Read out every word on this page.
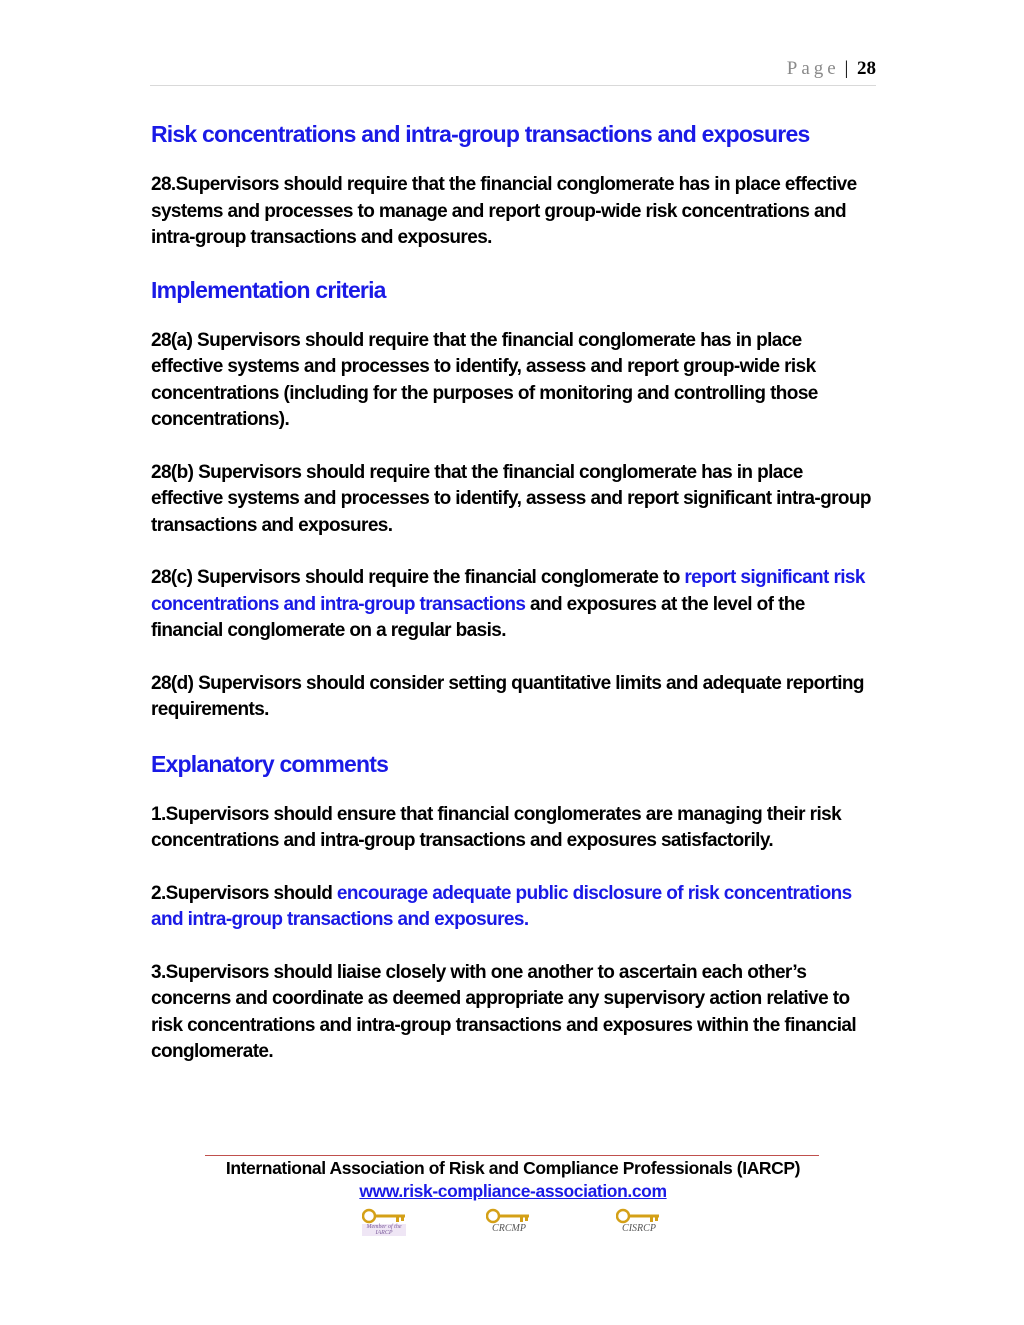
Page | 28
Risk concentrations and intra-group transactions and exposures

28.Supervisors should require that the financial conglomerate has in place effective systems and processes to manage and report group-wide risk concentrations and intra-group transactions and exposures.

Implementation criteria

28(a) Supervisors should require that the financial conglomerate has in place effective systems and processes to identify, assess and report group-wide risk concentrations (including for the purposes of monitoring and controlling those concentrations).

28(b) Supervisors should require that the financial conglomerate has in place effective systems and processes to identify, assess and report significant intra-group transactions and exposures.

28(c) Supervisors should require the financial conglomerate to report significant risk concentrations and intra-group transactions and exposures at the level of the financial conglomerate on a regular basis.

28(d) Supervisors should consider setting quantitative limits and adequate reporting requirements.

Explanatory comments

1.Supervisors should ensure that financial conglomerates are managing their risk concentrations and intra-group transactions and exposures satisfactorily.

2.Supervisors should encourage adequate public disclosure of risk concentrations and intra-group transactions and exposures.

3.Supervisors should liaise closely with one another to ascertain each other’s concerns and coordinate as deemed appropriate any supervisory action relative to risk concentrations and intra-group transactions and exposures within the financial conglomerate.

International Association of Risk and Compliance Professionals (IARCP)
www.risk-compliance-association.com
Member of the IARCP	CRCMP	CISRCP
